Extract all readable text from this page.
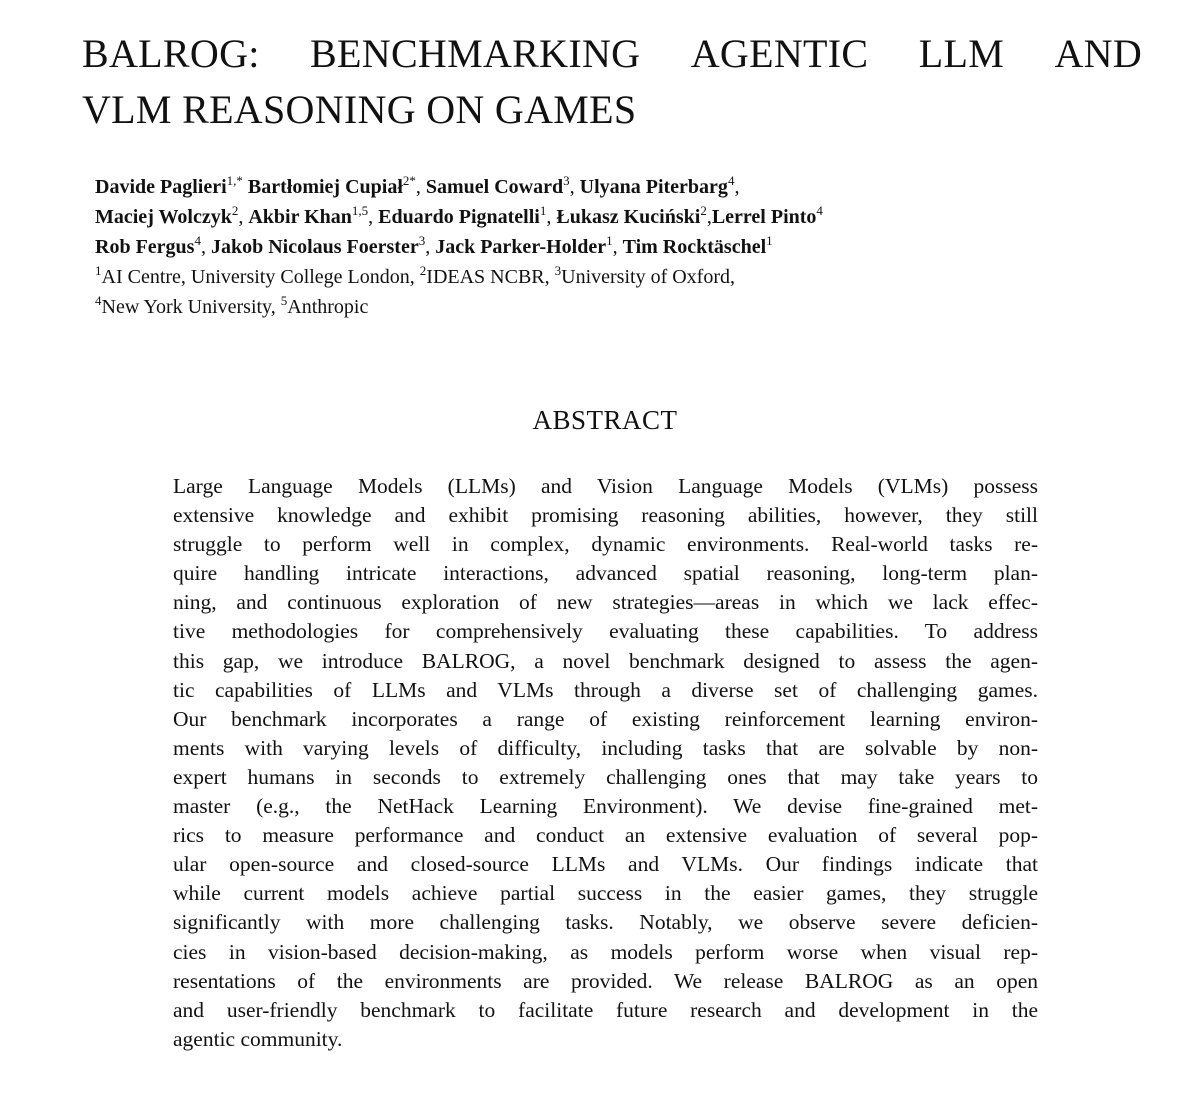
BALROG: BENCHMARKING AGENTIC LLM AND
VLM REASONING ON GAMES
Davide Paglieri$^{1,*}$ Bartłomiej Cupiał$^{2*}$, Samuel Coward$^3$, Ulyana Piterbarg$^4$,
Maciej Wolczyk$^2$, Akbir Khan$^{1,5}$, Eduardo Pignatelli$^1$, Łukasz Kuciński$^2$,Lerrel Pinto$^4$
Rob Fergus$^4$, Jakob Nicolaus Foerster$^3$, Jack Parker-Holder$^1$, Tim Rocktäschel$^1$
$^1$AI Centre, University College London, $^2$IDEAS NCBR, $^3$University of Oxford,
$^4$New York University, $^5$Anthropic
ABSTRACT
Large Language Models (LLMs) and Vision Language Models (VLMs) possess
extensive knowledge and exhibit promising reasoning abilities, however, they still
struggle to perform well in complex, dynamic environments. Real-world tasks re-
quire handling intricate interactions, advanced spatial reasoning, long-term plan-
ning, and continuous exploration of new strategies—areas in which we lack effec-
tive methodologies for comprehensively evaluating these capabilities. To address
this gap, we introduce BALROG, a novel benchmark designed to assess the agen-
tic capabilities of LLMs and VLMs through a diverse set of challenging games.
Our benchmark incorporates a range of existing reinforcement learning environ-
ments with varying levels of difficulty, including tasks that are solvable by non-
expert humans in seconds to extremely challenging ones that may take years to
master (e.g., the NetHack Learning Environment). We devise fine-grained met-
rics to measure performance and conduct an extensive evaluation of several pop-
ular open-source and closed-source LLMs and VLMs. Our findings indicate that
while current models achieve partial success in the easier games, they struggle
significantly with more challenging tasks. Notably, we observe severe deficien-
cies in vision-based decision-making, as models perform worse when visual rep-
resentations of the environments are provided. We release BALROG as an open
and user-friendly benchmark to facilitate future research and development in the
agentic community.
